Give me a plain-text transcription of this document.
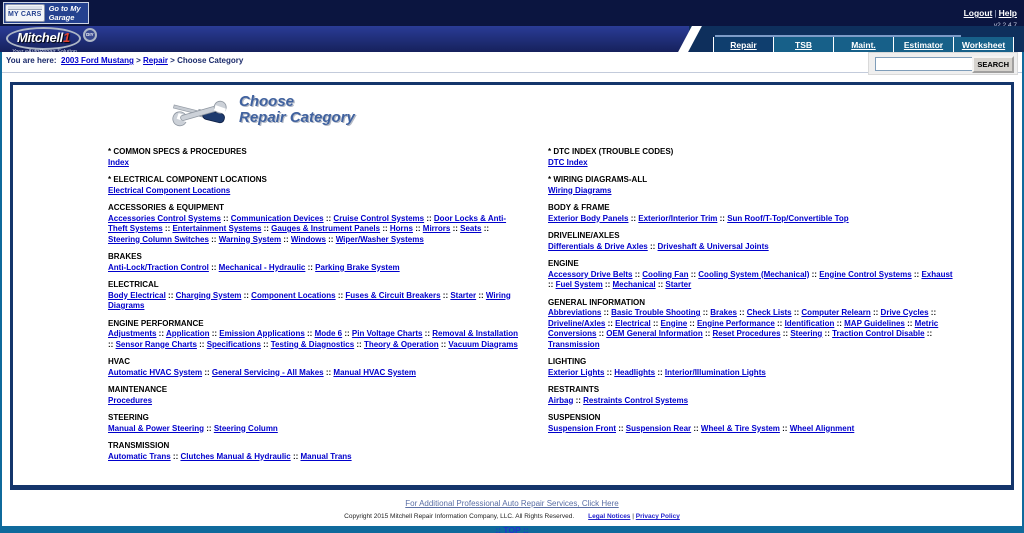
MY CARS
Go to My Garage	Logout | Help
Mitchell1	DIY
Repair	TSB	Maint.	Estimator	Worksheet
You are here: 2003 Ford Mustang > Repair > Choose Category	SEARCH
Choose
Repair Category
* COMMON SPECS & PROCEDURES
Index
* ELECTRICAL COMPONENT LOCATIONS
Electrical Component Locations
ACCESSORIES & EQUIPMENT
Accessories Control Systems :: Communication Devices :: Cruise Control Systems :: Door Locks & Anti-Theft Systems :: Entertainment Systems :: Gauges & Instrument Panels :: Horns :: Mirrors :: Seats :: Steering Column Switches :: Warning System :: Windows :: Wiper/Washer Systems
BRAKES
Anti-Lock/Traction Control :: Mechanical - Hydraulic :: Parking Brake System
ELECTRICAL
Body Electrical :: Charging System :: Component Locations :: Fuses & Circuit Breakers :: Starter :: Wiring Diagrams
ENGINE PERFORMANCE
Adjustments :: Application :: Emission Applications :: Mode 6 :: Pin Voltage Charts :: Removal & Installation :: Sensor Range Charts :: Specifications :: Testing & Diagnostics :: Theory & Operation :: Vacuum Diagrams
HVAC
Automatic HVAC System :: General Servicing - All Makes :: Manual HVAC System
MAINTENANCE
Procedures
STEERING
Manual & Power Steering :: Steering Column
TRANSMISSION
Automatic Trans :: Clutches Manual & Hydraulic :: Manual Trans
* DTC INDEX (TROUBLE CODES)
DTC Index
* WIRING DIAGRAMS-ALL
Wiring Diagrams
BODY & FRAME
Exterior Body Panels :: Exterior/Interior Trim :: Sun Roof/T-Top/Convertible Top
DRIVELINE/AXLES
Differentials & Drive Axles :: Driveshaft & Universal Joints
ENGINE
Accessory Drive Belts :: Cooling Fan :: Cooling System (Mechanical) :: Engine Control Systems :: Exhaust :: Fuel System :: Mechanical :: Starter
GENERAL INFORMATION
Abbreviations :: Basic Trouble Shooting :: Brakes :: Check Lists :: Computer Relearn :: Drive Cycles :: Driveline/Axles :: Electrical :: Engine :: Engine Performance :: Identification :: MAP Guidelines :: Metric Conversions :: OEM General Information :: Reset Procedures :: Steering :: Traction Control Disable :: Transmission
LIGHTING
Exterior Lights :: Headlights :: Interior/Illumination Lights
RESTRAINTS
Airbag :: Restraints Control Systems
SUSPENSION
Suspension Front :: Suspension Rear :: Wheel & Tire System :: Wheel Alignment
For Additional Professional Auto Repair Services, Click Here
Copyright 2015 Mitchell Repair Information Company, LLC. All Rights Reserved. Legal Notices | Privacy Policy
:: TOP ::
